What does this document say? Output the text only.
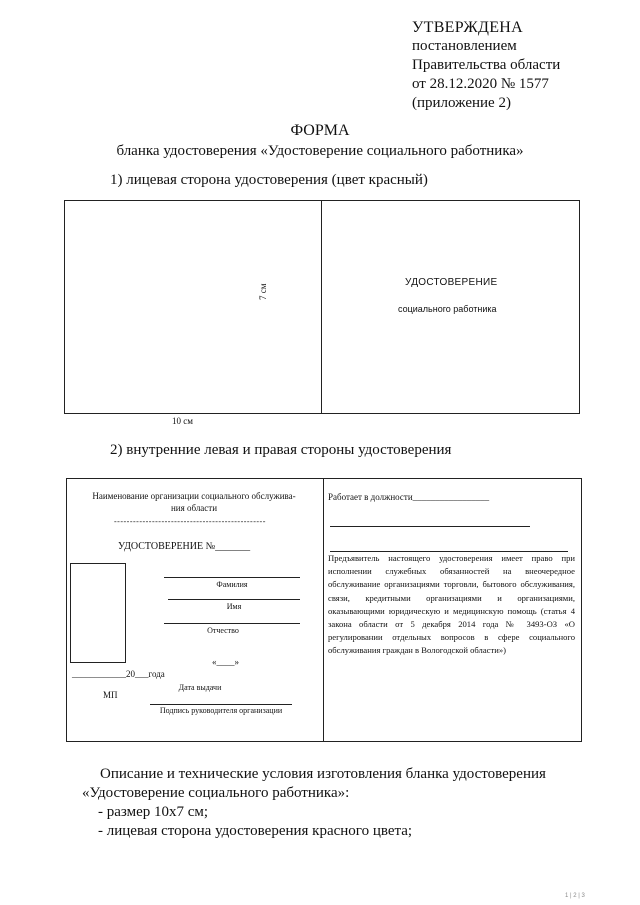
УТВЕРЖДЕНА
постановлением
Правительства области
от 28.12.2020 № 1577
(приложение 2)
ФОРМА
бланка удостоверения «Удостоверение социального работника»
1) лицевая сторона удостоверения (цвет красный)
7 см
10 см
УДОСТОВЕРЕНИЕ
социального работника
2) внутренние левая и правая стороны удостоверения
Наименование организации социального обслужива-
ния области
------------------------------------------------
УДОСТОВЕРЕНИЕ №_______
Фамилия
Имя
Отчество
«____»
____________20___года
Дата выдачи
МП
Подпись руководителя организации
Работает в должности_________________
Предъявитель настоящего удостоверения имеет право при исполнении служебных обязанностей на внеочередное обслуживание организациями торговли, бытового обслуживания, связи, кредитными организациями и организациями, оказывающими юридическую и медицинскую помощь (статья 4 закона области от 5 декабря 2014 года № 3493-ОЗ «О регулировании отдельных вопросов в сфере социального обслуживания граждан в Вологодской области»)

Описание и технические условия изготовления бланка удостоверения «Удостоверение социального работника»:

- размер 10х7 см;

- лицевая сторона удостоверения красного цвета;

1 | 2 | 3
